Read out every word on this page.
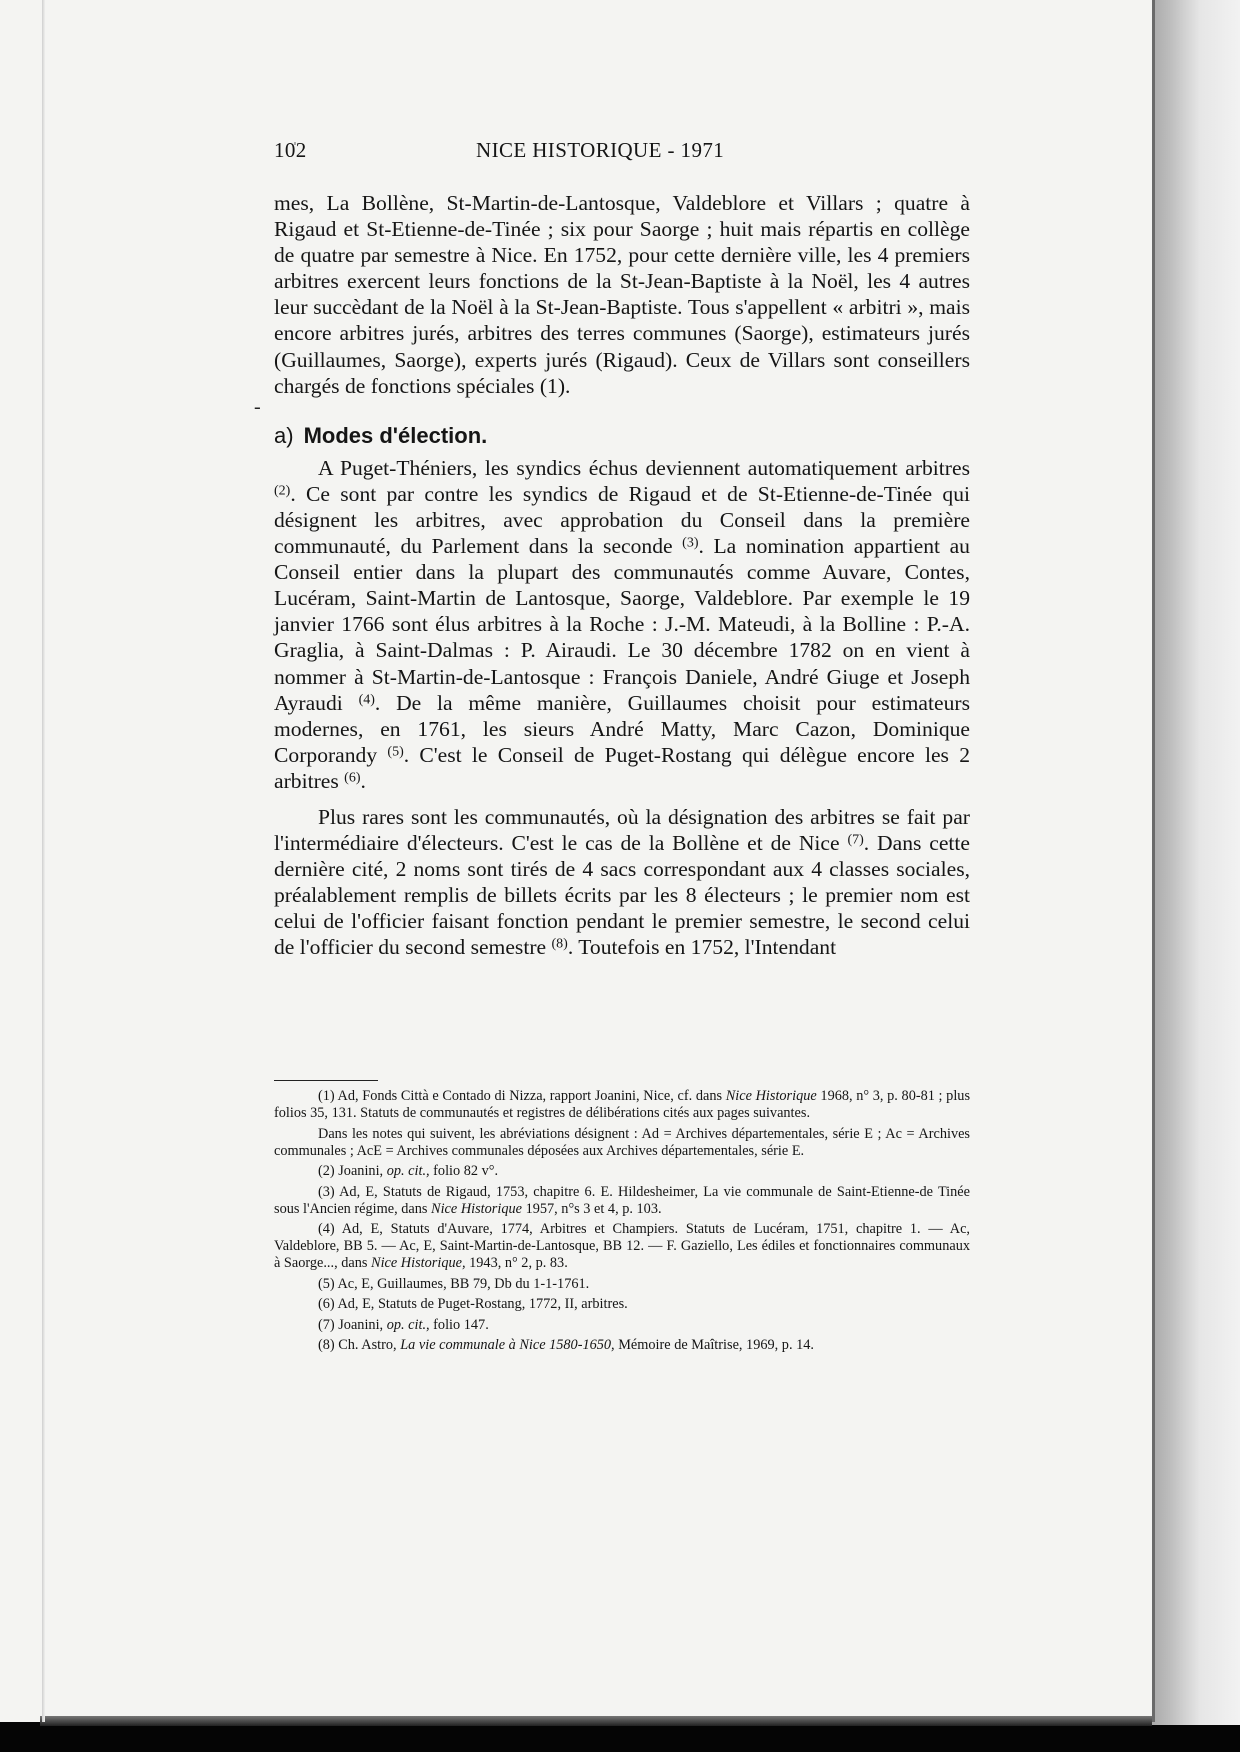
-
102	NICE HISTORIQUE - 1971

mes, La Bollène, St-Martin-de-Lantosque, Valdeblore et Villars ; quatre à Rigaud et St-Etienne-de-Tinée ; six pour Saorge ; huit mais répartis en collège de quatre par semestre à Nice. En 1752, pour cette dernière ville, les 4 premiers arbitres exercent leurs fonctions de la St-Jean-Baptiste à la Noël, les 4 autres leur succèdant de la Noël à la St-Jean-Baptiste. Tous s'appellent « arbitri », mais encore arbitres jurés, arbitres des terres communes (Saorge), estimateurs jurés (Guillaumes, Saorge), experts jurés (Rigaud). Ceux de Villars sont conseillers chargés de fonctions spéciales (1).

a) Modes d'élection.

A Puget-Théniers, les syndics échus deviennent automatiquement arbitres $^{(2)}$. Ce sont par contre les syndics de Rigaud et de St-Etienne-de-Tinée qui désignent les arbitres, avec approbation du Conseil dans la première communauté, du Parlement dans la seconde $^{(3)}$. La nomination appartient au Conseil entier dans la plupart des communautés comme Auvare, Contes, Lucéram, Saint-Martin de Lantosque, Saorge, Valdeblore. Par exemple le 19 janvier 1766 sont élus arbitres à la Roche : J.-M. Mateudi, à la Bolline : P.-A. Graglia, à Saint-Dalmas : P. Airaudi. Le 30 décembre 1782 on en vient à nommer à St-Martin-de-Lantosque : François Daniele, André Giuge et Joseph Ayraudi $^{(4)}$. De la même manière, Guillaumes choisit pour estimateurs modernes, en 1761, les sieurs André Matty, Marc Cazon, Dominique Corporandy $^{(5)}$. C'est le Conseil de Puget-Rostang qui délègue encore les 2 arbitres $^{(6)}$.

Plus rares sont les communautés, où la désignation des arbitres se fait par l'intermédiaire d'électeurs. C'est le cas de la Bollène et de Nice $^{(7)}$. Dans cette dernière cité, 2 noms sont tirés de 4 sacs correspondant aux 4 classes sociales, préalablement remplis de billets écrits par les 8 électeurs ; le premier nom est celui de l'officier faisant fonction pendant le premier semestre, le second celui de l'officier du second semestre $^{(8)}$. Toutefois en 1752, l'Intendant

(1) Ad, Fonds Città e Contado di Nizza, rapport Joanini, Nice, cf. dans Nice Historique 1968, n° 3, p. 80-81 ; plus folios 35, 131. Statuts de communautés et registres de délibérations cités aux pages suivantes.

Dans les notes qui suivent, les abréviations désignent : Ad = Archives départementales, série E ; Ac = Archives communales ; AcE = Archives communales déposées aux Archives départementales, série E.

(2) Joanini, op. cit., folio 82 v°.

(3) Ad, E, Statuts de Rigaud, 1753, chapitre 6. E. Hildesheimer, La vie communale de Saint-Etienne-de Tinée sous l'Ancien régime, dans Nice Historique 1957, n°s 3 et 4, p. 103.

(4) Ad, E, Statuts d'Auvare, 1774, Arbitres et Champiers. Statuts de Lucéram, 1751, chapitre 1. — Ac, Valdeblore, BB 5. — Ac, E, Saint-Martin-de-Lantosque, BB 12. — F. Gaziello, Les édiles et fonctionnaires communaux à Saorge..., dans Nice Historique, 1943, n° 2, p. 83.

(5) Ac, E, Guillaumes, BB 79, Db du 1-1-1761.

(6) Ad, E, Statuts de Puget-Rostang, 1772, II, arbitres.

(7) Joanini, op. cit., folio 147.

(8) Ch. Astro, La vie communale à Nice 1580-1650, Mémoire de Maîtrise, 1969, p. 14.
